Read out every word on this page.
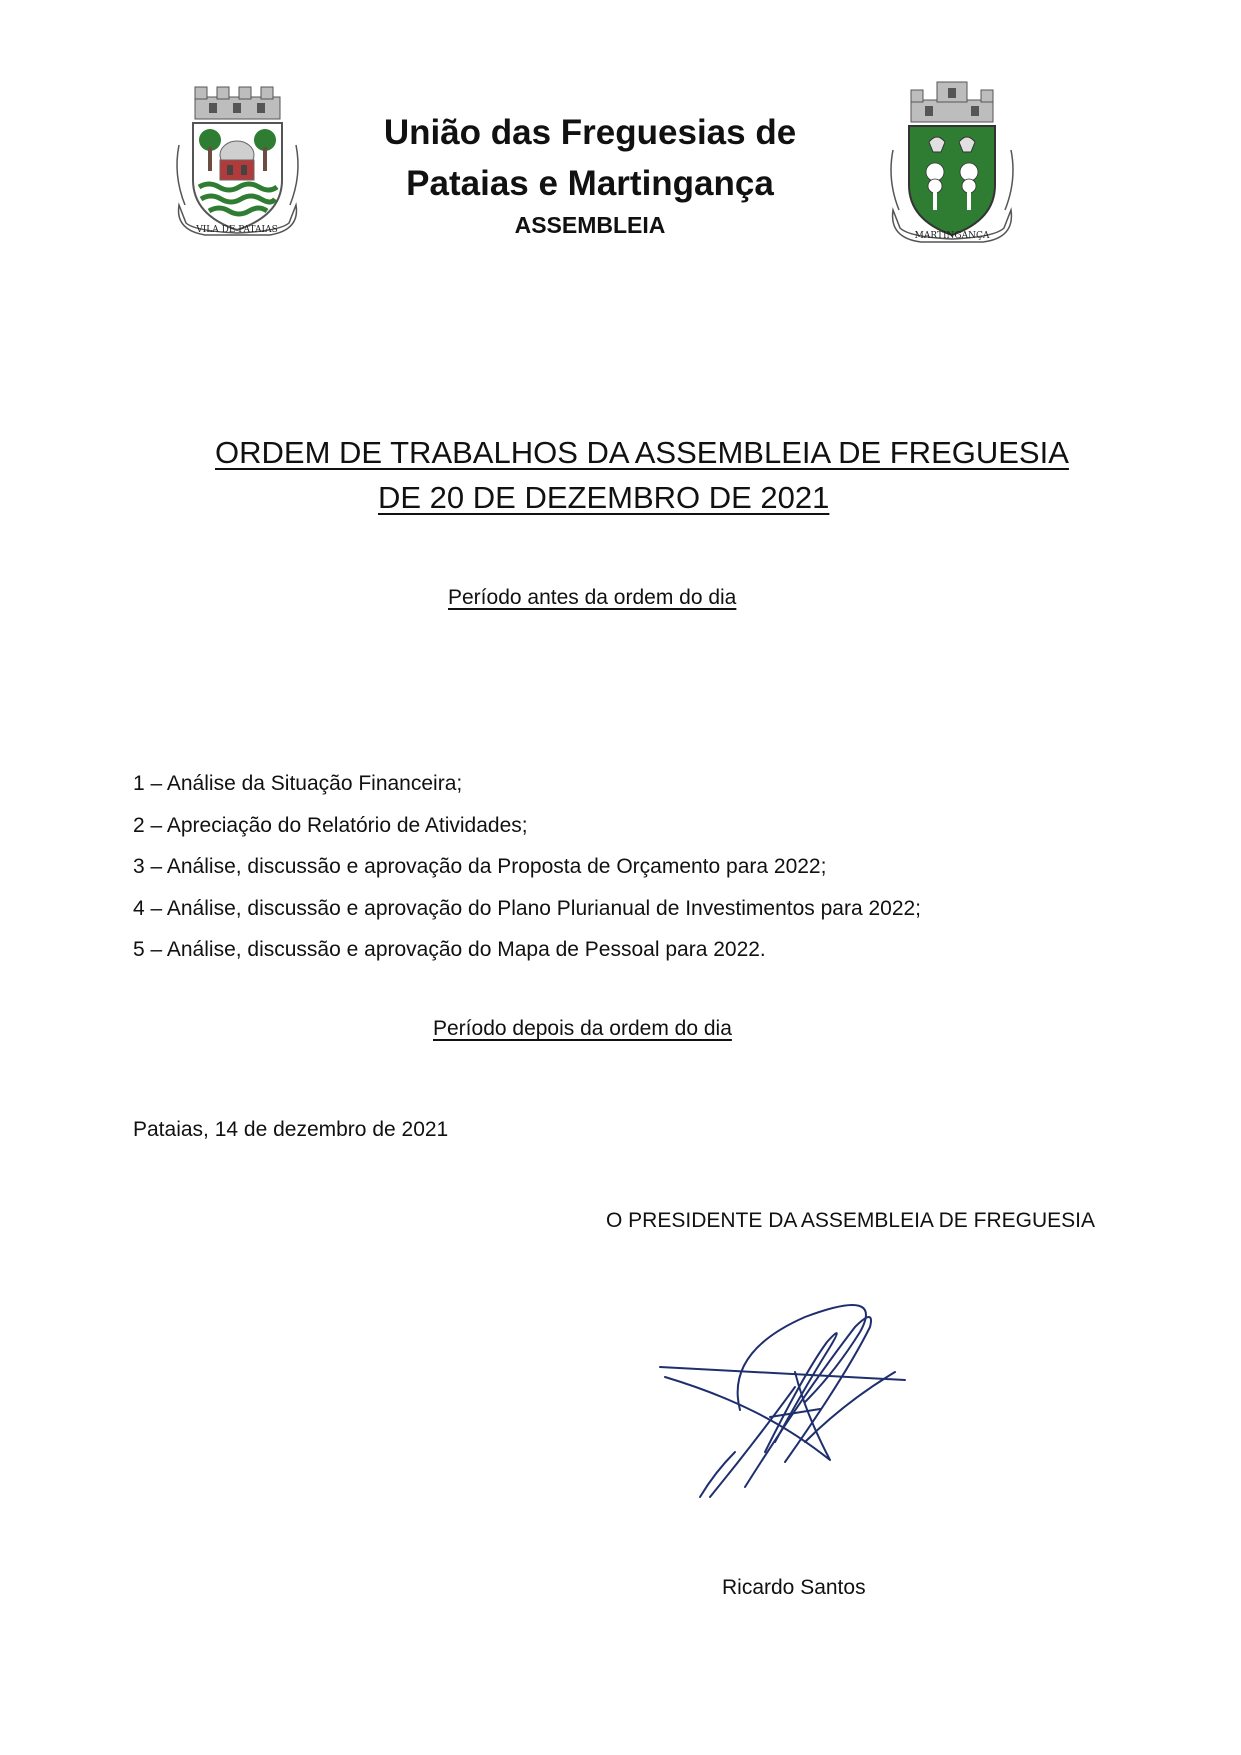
VILA DE PATAIAS
União das Freguesias de
Pataias e Martingança
ASSEMBLEIA	MARTINGANÇA
ORDEM DE TRABALHOS DA ASSEMBLEIA DE FREGUESIA
DE 20 DE DEZEMBRO DE 2021
Período antes da ordem do dia
1 – Análise da Situação Financeira;
2 – Apreciação do Relatório de Atividades;
3 – Análise, discussão e aprovação da Proposta de Orçamento para 2022;
4 – Análise, discussão e aprovação do Plano Plurianual de Investimentos para 2022;
5 – Análise, discussão e aprovação do Mapa de Pessoal para 2022.
Período depois da ordem do dia
Pataias, 14 de dezembro de 2021
O PRESIDENTE DA ASSEMBLEIA DE FREGUESIA
Ricardo Santos
